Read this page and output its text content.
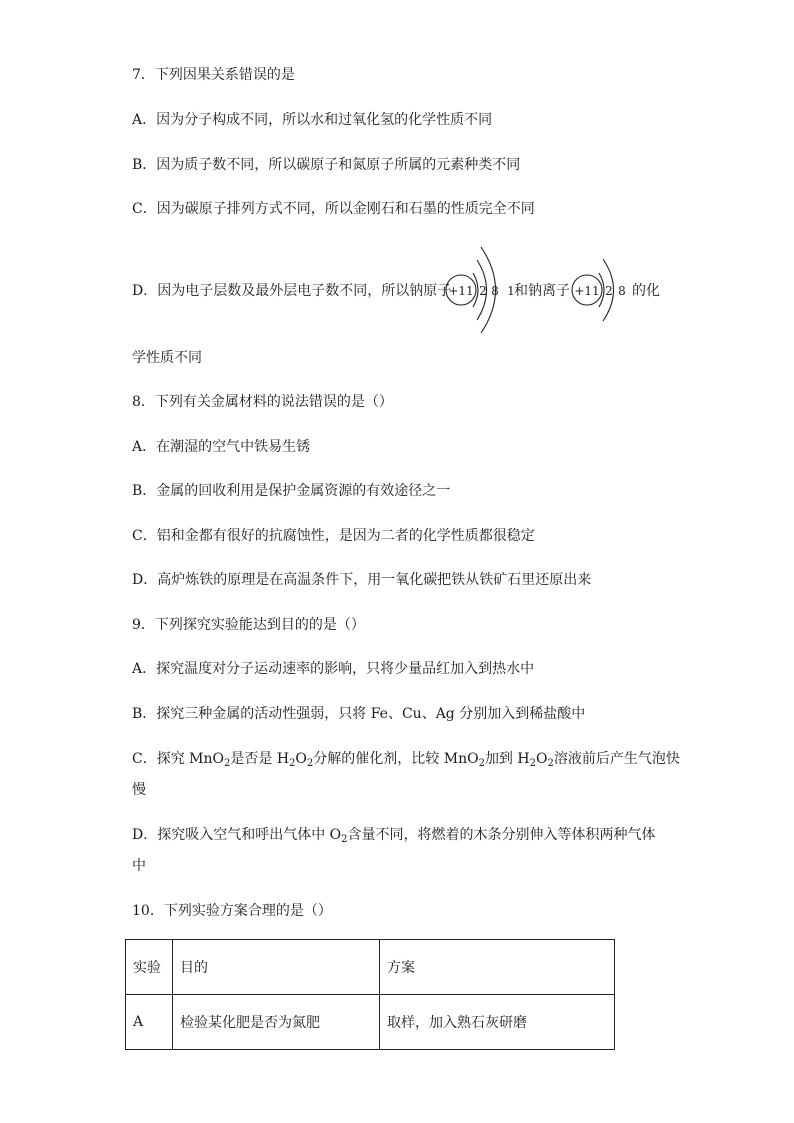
7．下列因果关系错误的是
A．因为分子构成不同，所以水和过氧化氢的化学性质不同
B．因为质子数不同，所以碳原子和氮原子所属的元素种类不同
C．因为碳原子排列方式不同，所以金刚石和石墨的性质完全不同
D．因为电子层数及最外层电子数不同，所以钠原子
+11 2 8 1 和钠离子 +11 2 8 的化
学性质不同
8．下列有关金属材料的说法错误的是（）
A．在潮湿的空气中铁易生锈
B．金属的回收利用是保护金属资源的有效途径之一
C．铝和金都有很好的抗腐蚀性，是因为二者的化学性质都很稳定
D．高炉炼铁的原理是在高温条件下，用一氧化碳把铁从铁矿石里还原出来
9．下列探究实验能达到目的的是（）
A．探究温度对分子运动速率的影响，只将少量品红加入到热水中
B．探究三种金属的活动性强弱，只将 Fe、Cu、Ag 分别加入到稀盐酸中
C．探究 MnO$_2$是否是 $H_2O_2$分解的催化剂，比较 MnO$_2$加到 $H_2O_2$溶液前后产生气泡快
慢
D．探究吸入空气和呼出气体中 $O_2$含量不同，将燃着的木条分别伸入等体积两种气体
中
10．下列实验方案合理的是（）
实验	目的	方案
A	检验某化肥是否为氮肥	取样，加入熟石灰研磨
